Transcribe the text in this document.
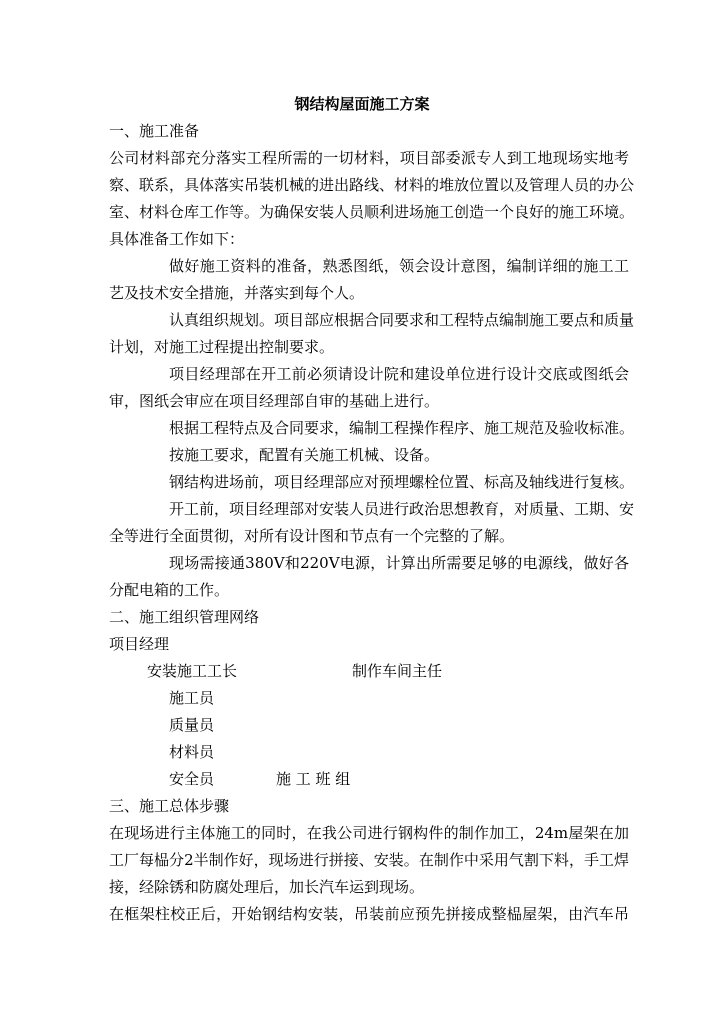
钢结构屋面施工方案
一、施工准备
公司材料部充分落实工程所需的一切材料，项目部委派专人到工地现场实地考
察、联系，具体落实吊装机械的进出路线、材料的堆放位置以及管理人员的办公
室、材料仓库工作等。为确保安装人员顺利进场施工创造一个良好的施工环境。
具体准备工作如下：
做好施工资料的准备，熟悉图纸，领会设计意图，编制详细的施工工
艺及技术安全措施，并落实到每个人。
认真组织规划。项目部应根据合同要求和工程特点编制施工要点和质量
计划，对施工过程提出控制要求。
项目经理部在开工前必须请设计院和建设单位进行设计交底或图纸会
审，图纸会审应在项目经理部自审的基础上进行。
根据工程特点及合同要求，编制工程操作程序、施工规范及验收标准。
按施工要求，配置有关施工机械、设备。
钢结构进场前，项目经理部应对预埋螺栓位置、标高及轴线进行复核。
开工前，项目经理部对安装人员进行政治思想教育，对质量、工期、安
全等进行全面贯彻，对所有设计图和节点有一个完整的了解。
现场需接通380V和220V电源，计算出所需要足够的电源线，做好各
分配电箱的工作。
二、施工组织管理网络
项目经理
安装施工工长	制作车间主任
施工员
质量员
材料员
安全员	施 工 班 组
三、施工总体步骤
在现场进行主体施工的同时，在我公司进行钢构件的制作加工，24m屋架在加
工厂每榀分2半制作好，现场进行拼接、安装。在制作中采用气割下料，手工焊
接，经除锈和防腐处理后，加长汽车运到现场。
在框架柱校正后，开始钢结构安装，吊装前应预先拼接成整榀屋架，由汽车吊
